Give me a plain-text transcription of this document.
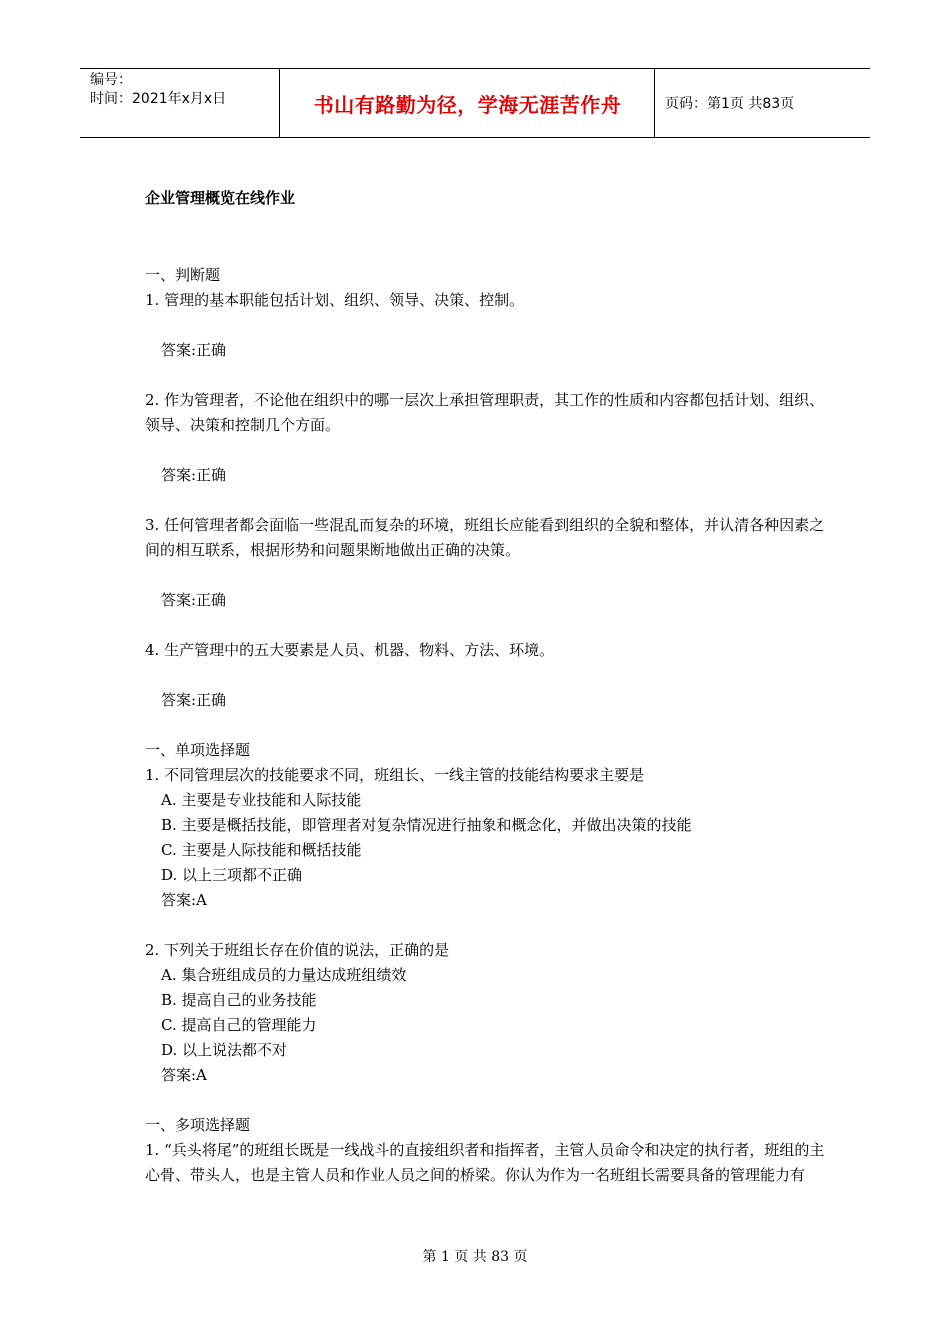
编号：
时间：2021年x月x日	书山有路勤为径，学海无涯苦作舟	页码：第1页 共83页
企业管理概览在线作业
一、判断题
1. 管理的基本职能包括计划、组织、领导、决策、控制。
答案:正确
2. 作为管理者，不论他在组织中的哪一层次上承担管理职责，其工作的性质和内容都包括计划、组织、领导、决策和控制几个方面。
答案:正确
3. 任何管理者都会面临一些混乱而复杂的环境，班组长应能看到组织的全貌和整体，并认清各种因素之间的相互联系，根据形势和问题果断地做出正确的决策。
答案:正确
4. 生产管理中的五大要素是人员、机器、物料、方法、环境。
答案:正确
一、单项选择题
1. 不同管理层次的技能要求不同，班组长、一线主管的技能结构要求主要是
A. 主要是专业技能和人际技能
B. 主要是概括技能，即管理者对复杂情况进行抽象和概念化，并做出决策的技能
C. 主要是人际技能和概括技能
D. 以上三项都不正确
答案:A
2. 下列关于班组长存在价值的说法，正确的是
A. 集合班组成员的力量达成班组绩效
B. 提高自己的业务技能
C. 提高自己的管理能力
D. 以上说法都不对
答案:A
一、多项选择题
1. “兵头将尾”的班组长既是一线战斗的直接组织者和指挥者，主管人员命令和决定的执行者，班组的主心骨、带头人，也是主管人员和作业人员之间的桥梁。你认为作为一名班组长需要具备的管理能力有
第 1 页 共 83 页
